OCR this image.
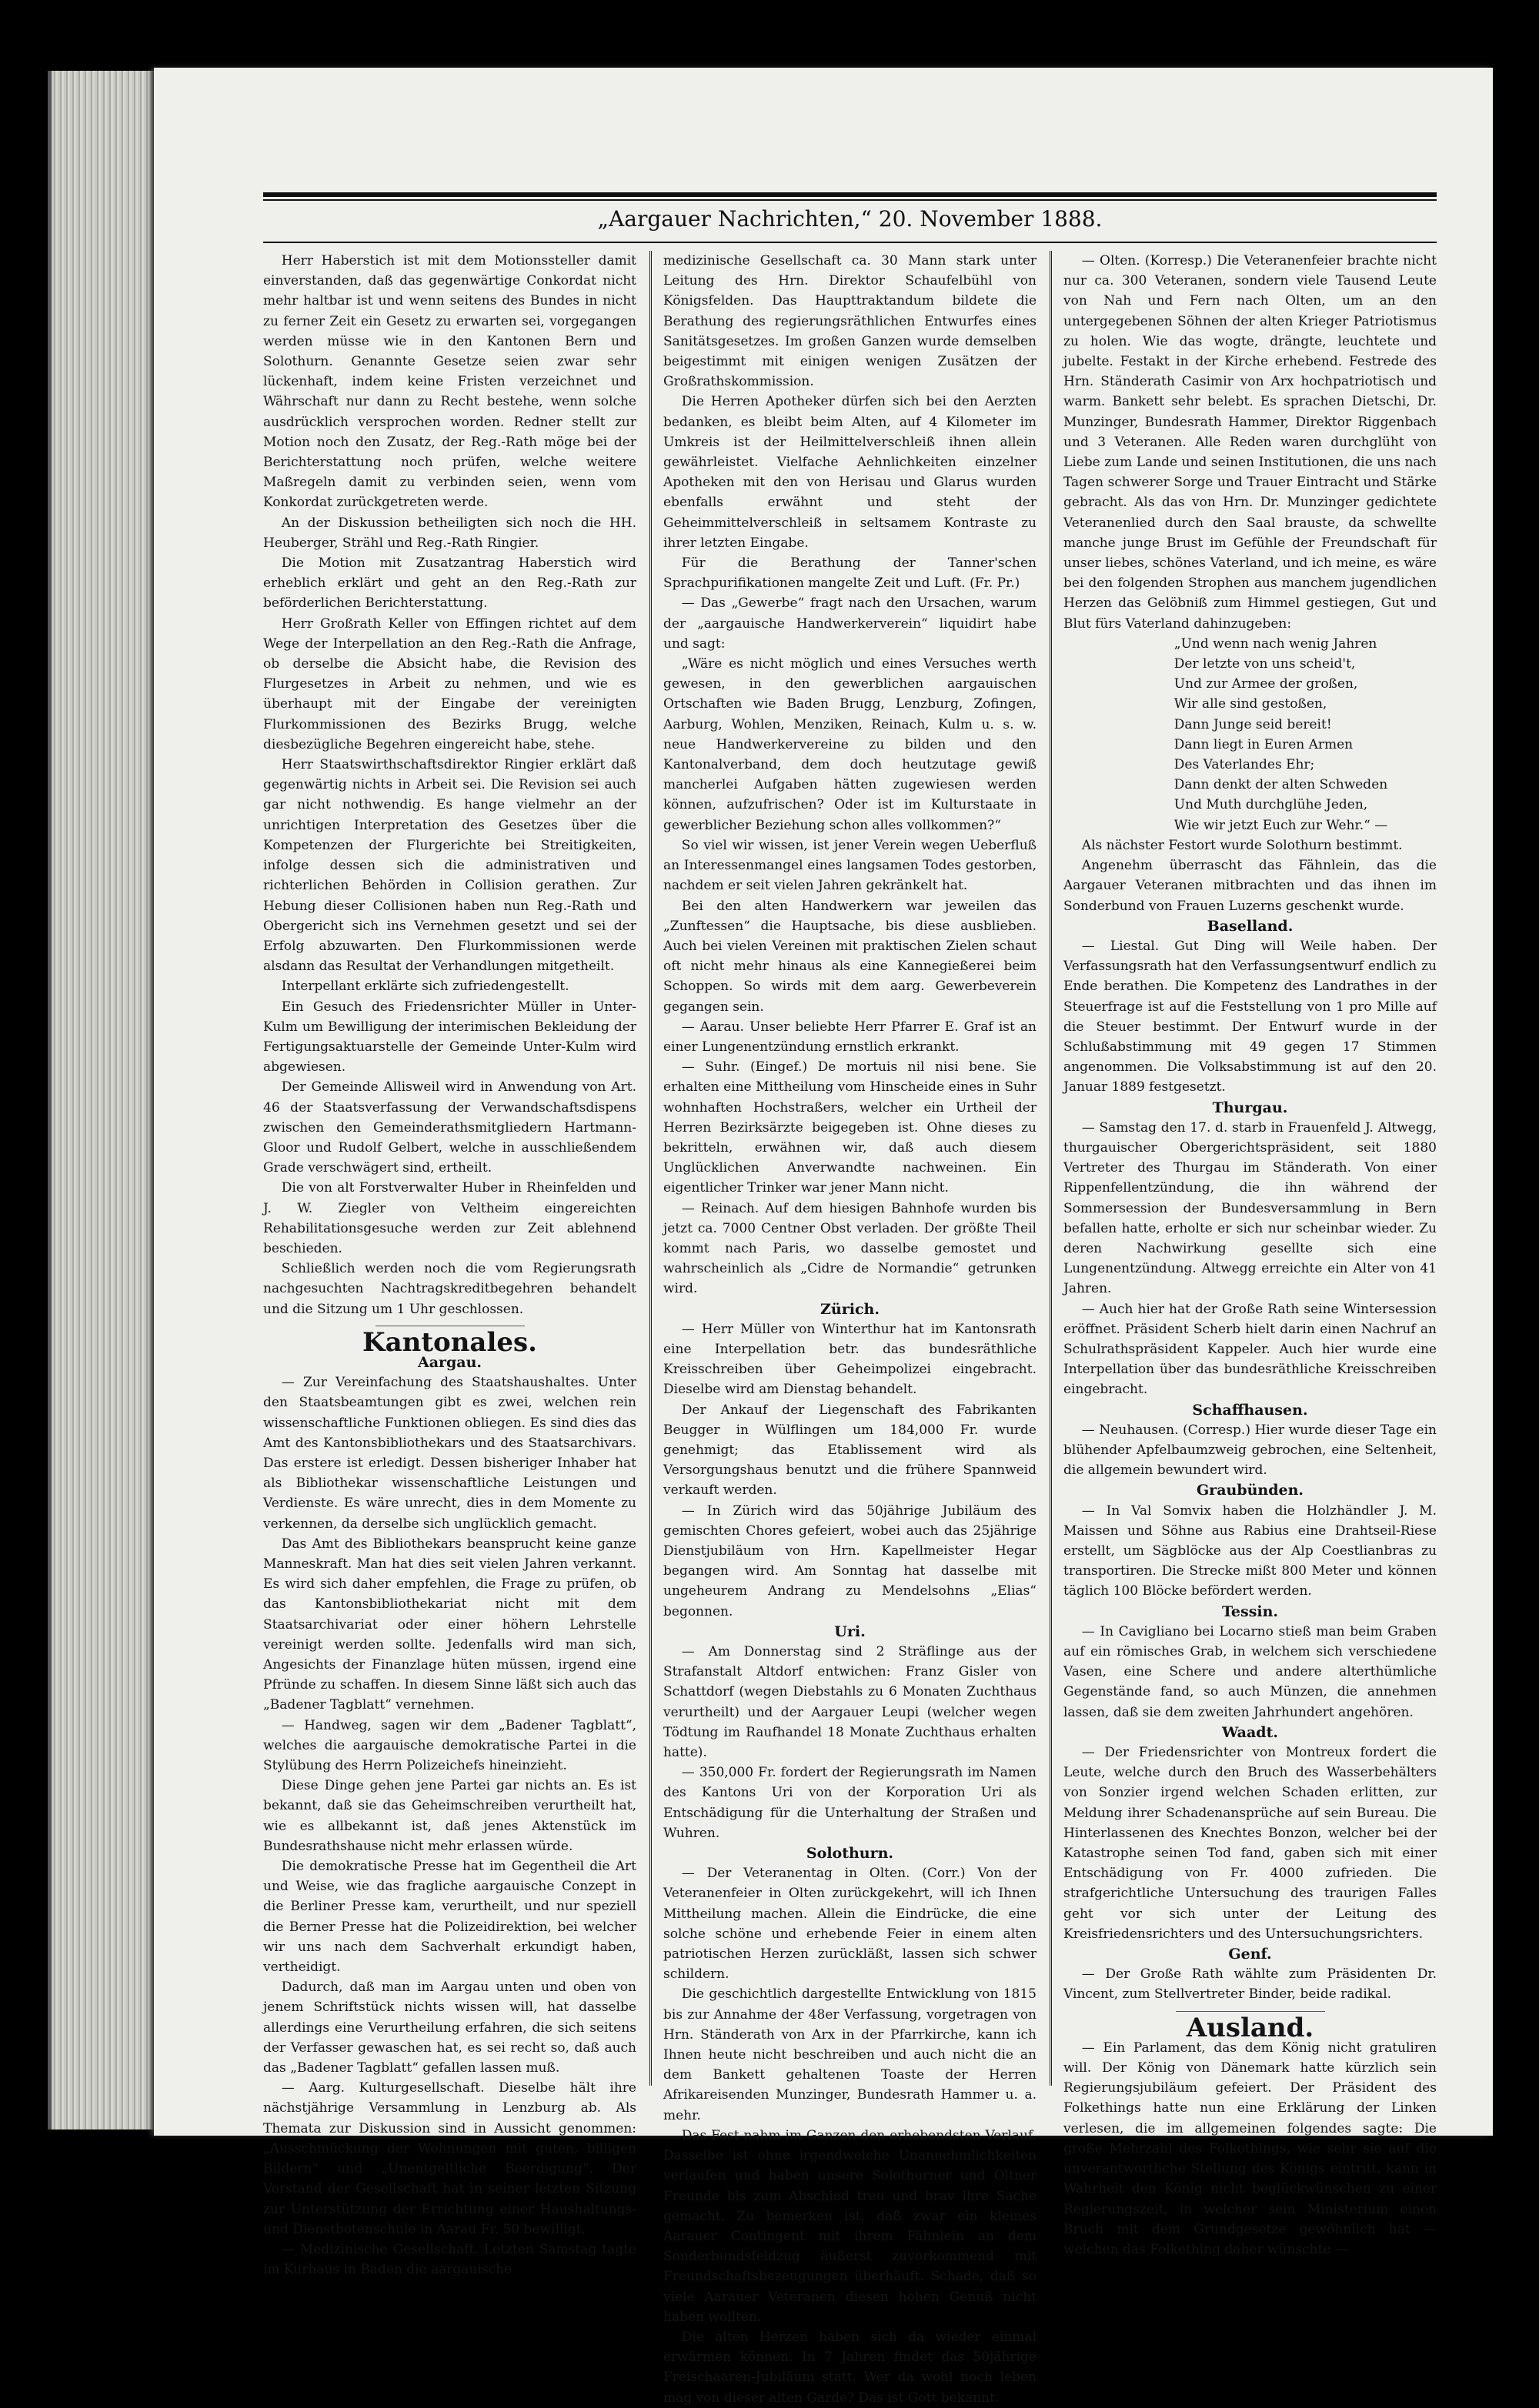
„Aargauer Nachrichten,“ 20. November 1888.

Herr Haberstich ist mit dem Motionssteller damit einverstanden, daß das gegenwärtige Conkordat nicht mehr haltbar ist und wenn seitens des Bundes in nicht zu ferner Zeit ein Gesetz zu erwarten sei, vorgegangen werden müsse wie in den Kantonen Bern und Solothurn. Genannte Gesetze seien zwar sehr lückenhaft, indem keine Fristen verzeichnet und Währschaft nur dann zu Recht bestehe, wenn solche ausdrücklich versprochen worden. Redner stellt zur Motion noch den Zusatz, der Reg.-Rath möge bei der Berichterstattung noch prüfen, welche weitere Maßregeln damit zu verbinden seien, wenn vom Konkordat zurückgetreten werde.

An der Diskussion betheiligten sich noch die HH. Heuberger, Strähl und Reg.-Rath Ringier.

Die Motion mit Zusatzantrag Haberstich wird erheblich erklärt und geht an den Reg.-Rath zur beförderlichen Berichterstattung.

Herr Großrath Keller von Effingen richtet auf dem Wege der Interpellation an den Reg.-Rath die Anfrage, ob derselbe die Absicht habe, die Revision des Flurgesetzes in Arbeit zu nehmen, und wie es überhaupt mit der Eingabe der vereinigten Flurkommissionen des Bezirks Brugg, welche diesbezügliche Begehren eingereicht habe, stehe.

Herr Staatswirthschaftsdirektor Ringier erklärt daß gegenwärtig nichts in Arbeit sei. Die Revision sei auch gar nicht nothwendig. Es hange vielmehr an der unrichtigen Interpretation des Gesetzes über die Kompetenzen der Flurgerichte bei Streitigkeiten, infolge dessen sich die administrativen und richterlichen Behörden in Collision gerathen. Zur Hebung dieser Collisionen haben nun Reg.-Rath und Obergericht sich ins Vernehmen gesetzt und sei der Erfolg abzuwarten. Den Flurkommissionen werde alsdann das Resultat der Verhandlungen mitgetheilt.

Interpellant erklärte sich zufriedengestellt.

Ein Gesuch des Friedensrichter Müller in Unter-Kulm um Bewilligung der interimischen Bekleidung der Fertigungsaktuarstelle der Gemeinde Unter-Kulm wird abgewiesen.

Der Gemeinde Allisweil wird in Anwendung von Art. 46 der Staatsverfassung der Verwandschaftsdispens zwischen den Gemeinderathsmitgliedern Hartmann-Gloor und Rudolf Gelbert, welche in ausschließendem Grade verschwägert sind, ertheilt.

Die von alt Forstverwalter Huber in Rheinfelden und J. W. Ziegler von Veltheim eingereichten Rehabilitationsgesuche werden zur Zeit ablehnend beschieden.

Schließlich werden noch die vom Regierungsrath nachgesuchten Nachtragskreditbegehren behandelt und die Sitzung um 1 Uhr geschlossen.

Kantonales.

Aargau.

— Zur Vereinfachung des Staatshaushaltes. Unter den Staatsbeamtungen gibt es zwei, welchen rein wissenschaftliche Funktionen obliegen. Es sind dies das Amt des Kantonsbibliothekars und des Staatsarchivars. Das erstere ist erledigt. Dessen bisheriger Inhaber hat als Bibliothekar wissenschaftliche Leistungen und Verdienste. Es wäre unrecht, dies in dem Momente zu verkennen, da derselbe sich unglücklich gemacht.

Das Amt des Bibliothekars beansprucht keine ganze Manneskraft. Man hat dies seit vielen Jahren verkannt. Es wird sich daher empfehlen, die Frage zu prüfen, ob das Kantonsbibliothekariat nicht mit dem Staatsarchivariat oder einer höhern Lehrstelle vereinigt werden sollte. Jedenfalls wird man sich, Angesichts der Finanzlage hüten müssen, irgend eine Pfründe zu schaffen. In diesem Sinne läßt sich auch das „Badener Tagblatt“ vernehmen.

— Handweg, sagen wir dem „Badener Tagblatt“, welches die aargauische demokratische Partei in die Stylübung des Herrn Polizeichefs hineinzieht.

Diese Dinge gehen jene Partei gar nichts an. Es ist bekannt, daß sie das Geheimschreiben verurtheilt hat, wie es allbekannt ist, daß jenes Aktenstück im Bundesrathshause nicht mehr erlassen würde.

Die demokratische Presse hat im Gegentheil die Art und Weise, wie das fragliche aargauische Conzept in die Berliner Presse kam, verurtheilt, und nur speziell die Berner Presse hat die Polizeidirektion, bei welcher wir uns nach dem Sachverhalt erkundigt haben, vertheidigt.

Dadurch, daß man im Aargau unten und oben von jenem Schriftstück nichts wissen will, hat dasselbe allerdings eine Verurtheilung erfahren, die sich seitens der Verfasser gewaschen hat, es sei recht so, daß auch das „Badener Tagblatt“ gefallen lassen muß.

— Aarg. Kulturgesellschaft. Dieselbe hält ihre nächstjährige Versammlung in Lenzburg ab. Als Themata zur Diskussion sind in Aussicht genommen: „Ausschmückung der Wohnungen mit guten, billigen Bildern“ und „Unentgeltliche Beerdigung“. Der Vorstand der Gesellschaft hat in seiner letzten Sitzung zur Unterstützung der Errichtung einer Haushaltungs- und Dienstbotenschule in Aarau Fr. 50 bewilligt.

— Medizinische Gesellschaft. Letzten Samstag tagte im Kurhaus in Baden die aargauische

medizinische Gesellschaft ca. 30 Mann stark unter Leitung des Hrn. Direktor Schaufelbühl von Königsfelden. Das Haupttraktandum bildete die Berathung des regierungsräthlichen Entwurfes eines Sanitätsgesetzes. Im großen Ganzen wurde demselben beigestimmt mit einigen wenigen Zusätzen der Großrathskommission.

Die Herren Apotheker dürfen sich bei den Aerzten bedanken, es bleibt beim Alten, auf 4 Kilometer im Umkreis ist der Heilmittelverschleiß ihnen allein gewährleistet. Vielfache Aehnlichkeiten einzelner Apotheken mit den von Herisau und Glarus wurden ebenfalls erwähnt und steht der Geheimmittelverschleiß in seltsamem Kontraste zu ihrer letzten Eingabe.

Für die Berathung der Tanner'schen Sprachpurifikationen mangelte Zeit und Luft. (Fr. Pr.)

— Das „Gewerbe“ fragt nach den Ursachen, warum der „aargauische Handwerkerverein“ liquidirt habe und sagt:

„Wäre es nicht möglich und eines Versuches werth gewesen, in den gewerblichen aargauischen Ortschaften wie Baden Brugg, Lenzburg, Zofingen, Aarburg, Wohlen, Menziken, Reinach, Kulm u. s. w. neue Handwerkervereine zu bilden und den Kantonalverband, dem doch heutzutage gewiß mancherlei Aufgaben hätten zugewiesen werden können, aufzufrischen? Oder ist im Kulturstaate in gewerblicher Beziehung schon alles vollkommen?“

So viel wir wissen, ist jener Verein wegen Ueberfluß an Interessenmangel eines langsamen Todes gestorben, nachdem er seit vielen Jahren gekränkelt hat.

Bei den alten Handwerkern war jeweilen das „Zunftessen“ die Hauptsache, bis diese ausblieben. Auch bei vielen Vereinen mit praktischen Zielen schaut oft nicht mehr hinaus als eine Kannegießerei beim Schoppen. So wirds mit dem aarg. Gewerbeverein gegangen sein.

— Aarau. Unser beliebte Herr Pfarrer E. Graf ist an einer Lungenentzündung ernstlich erkrankt.

— Suhr. (Eingef.) De mortuis nil nisi bene. Sie erhalten eine Mittheilung vom Hinscheide eines in Suhr wohnhaften Hochstraßers, welcher ein Urtheil der Herren Bezirksärzte beigegeben ist. Ohne dieses zu bekritteln, erwähnen wir, daß auch diesem Unglücklichen Anverwandte nachweinen. Ein eigentlicher Trinker war jener Mann nicht.

— Reinach. Auf dem hiesigen Bahnhofe wurden bis jetzt ca. 7000 Centner Obst verladen. Der größte Theil kommt nach Paris, wo dasselbe gemostet und wahrscheinlich als „Cidre de Normandie“ getrunken wird.

Zürich.

— Herr Müller von Winterthur hat im Kantonsrath eine Interpellation betr. das bundesräthliche Kreisschreiben über Geheimpolizei eingebracht. Dieselbe wird am Dienstag behandelt.

Der Ankauf der Liegenschaft des Fabrikanten Beugger in Wülflingen um 184,000 Fr. wurde genehmigt; das Etablissement wird als Versorgungshaus benutzt und die frühere Spannweid verkauft werden.

— In Zürich wird das 50jährige Jubiläum des gemischten Chores gefeiert, wobei auch das 25jährige Dienstjubiläum von Hrn. Kapellmeister Hegar begangen wird. Am Sonntag hat dasselbe mit ungeheurem Andrang zu Mendelsohns „Elias“ begonnen.

Uri.

— Am Donnerstag sind 2 Sträflinge aus der Strafanstalt Altdorf entwichen: Franz Gisler von Schattdorf (wegen Diebstahls zu 6 Monaten Zuchthaus verurtheilt) und der Aargauer Leupi (welcher wegen Tödtung im Raufhandel 18 Monate Zuchthaus erhalten hatte).

— 350,000 Fr. fordert der Regierungsrath im Namen des Kantons Uri von der Korporation Uri als Entschädigung für die Unterhaltung der Straßen und Wuhren.

Solothurn.

— Der Veteranentag in Olten. (Corr.) Von der Veteranenfeier in Olten zurückgekehrt, will ich Ihnen Mittheilung machen. Allein die Eindrücke, die eine solche schöne und erhebende Feier in einem alten patriotischen Herzen zurückläßt, lassen sich schwer schildern.

Die geschichtlich dargestellte Entwicklung von 1815 bis zur Annahme der 48er Verfassung, vorgetragen von Hrn. Ständerath von Arx in der Pfarrkirche, kann ich Ihnen heute nicht beschreiben und auch nicht die an dem Bankett gehaltenen Toaste der Herren Afrikareisenden Munzinger, Bundesrath Hammer u. a. mehr.

Das Fest nahm im Ganzen den erhebendsten Verlauf. Dasselbe ist ohne irgendwelche Unannehmlichkeiten verlaufen und haben unsere Solothurner und Oltner Freunde bis zum Abschied treu und brav ihre Sache gemacht. Zu bemerken ist, daß zwar ein kleines Aarauer Contingent mit ihrem Fähnlein an dem Sonderbundsfeldzug äußerst zuvorkommend mit Freundschaftsbezeugungen überhäuft. Schade, daß so viele Aarauer Veteranen diesen hohen Genuß nicht haben wollten.

Die alten Herzen haben sich da wieder einmal erwärmen können. In 7 Jahren findet das 50jährige Freischaaren-Jubiläum statt. Wer da wohl noch leben mag von dieser alten Garde? Das ist Gott bekannt.

— Olten. (Korresp.) Die Veteranenfeier brachte nicht nur ca. 300 Veteranen, sondern viele Tausend Leute von Nah und Fern nach Olten, um an den untergegebenen Söhnen der alten Krieger Patriotismus zu holen. Wie das wogte, drängte, leuchtete und jubelte. Festakt in der Kirche erhebend. Festrede des Hrn. Ständerath Casimir von Arx hochpatriotisch und warm. Bankett sehr belebt. Es sprachen Dietschi, Dr. Munzinger, Bundesrath Hammer, Direktor Riggenbach und 3 Veteranen. Alle Reden waren durchglüht von Liebe zum Lande und seinen Institutionen, die uns nach Tagen schwerer Sorge und Trauer Eintracht und Stärke gebracht. Als das von Hrn. Dr. Munzinger gedichtete Veteranenlied durch den Saal brauste, da schwellte manche junge Brust im Gefühle der Freundschaft für unser liebes, schönes Vaterland, und ich meine, es wäre bei den folgenden Strophen aus manchem jugendlichen Herzen das Gelöbniß zum Himmel gestiegen, Gut und Blut fürs Vaterland dahinzugeben:

„Und wenn nach wenig Jahren

Der letzte von uns scheid't,

Und zur Armee der großen,

Wir alle sind gestoßen,

Dann Junge seid bereit!

Dann liegt in Euren Armen

Des Vaterlandes Ehr;

Dann denkt der alten Schweden

Und Muth durchglühe Jeden,

Wie wir jetzt Euch zur Wehr.“ —

Als nächster Festort wurde Solothurn bestimmt.

Angenehm überrascht das Fähnlein, das die Aargauer Veteranen mitbrachten und das ihnen im Sonderbund von Frauen Luzerns geschenkt wurde.

Baselland.

— Liestal. Gut Ding will Weile haben. Der Verfassungsrath hat den Verfassungsentwurf endlich zu Ende berathen. Die Kompetenz des Landrathes in der Steuerfrage ist auf die Feststellung von 1 pro Mille auf die Steuer bestimmt. Der Entwurf wurde in der Schlußabstimmung mit 49 gegen 17 Stimmen angenommen. Die Volksabstimmung ist auf den 20. Januar 1889 festgesetzt.

Thurgau.

— Samstag den 17. d. starb in Frauenfeld J. Altwegg, thurgauischer Obergerichtspräsident, seit 1880 Vertreter des Thurgau im Ständerath. Von einer Rippenfellentzündung, die ihn während der Sommersession der Bundesversammlung in Bern befallen hatte, erholte er sich nur scheinbar wieder. Zu deren Nachwirkung gesellte sich eine Lungenentzündung. Altwegg erreichte ein Alter von 41 Jahren.

— Auch hier hat der Große Rath seine Wintersession eröffnet. Präsident Scherb hielt darin einen Nachruf an Schulrathspräsident Kappeler. Auch hier wurde eine Interpellation über das bundesräthliche Kreisschreiben eingebracht.

Schaffhausen.

— Neuhausen. (Corresp.) Hier wurde dieser Tage ein blühender Apfelbaumzweig gebrochen, eine Seltenheit, die allgemein bewundert wird.

Graubünden.

— In Val Somvix haben die Holzhändler J. M. Maissen und Söhne aus Rabius eine Drahtseil-Riese erstellt, um Sägblöcke aus der Alp Coestlianbras zu transportiren. Die Strecke mißt 800 Meter und können täglich 100 Blöcke befördert werden.

Tessin.

— In Cavigliano bei Locarno stieß man beim Graben auf ein römisches Grab, in welchem sich verschiedene Vasen, eine Schere und andere alterthümliche Gegenstände fand, so auch Münzen, die annehmen lassen, daß sie dem zweiten Jahrhundert angehören.

Waadt.

— Der Friedensrichter von Montreux fordert die Leute, welche durch den Bruch des Wasserbehälters von Sonzier irgend welchen Schaden erlitten, zur Meldung ihrer Schadenansprüche auf sein Bureau. Die Hinterlassenen des Knechtes Bonzon, welcher bei der Katastrophe seinen Tod fand, gaben sich mit einer Entschädigung von Fr. 4000 zufrieden. Die strafgerichtliche Untersuchung des traurigen Falles geht vor sich unter der Leitung des Kreisfriedensrichters und des Untersuchungsrichters.

Genf.

— Der Große Rath wählte zum Präsidenten Dr. Vincent, zum Stellvertreter Binder, beide radikal.

Ausland.

— Ein Parlament, das dem König nicht gratuliren will. Der König von Dänemark hatte kürzlich sein Regierungsjubiläum gefeiert. Der Präsident des Folkethings hatte nun eine Erklärung der Linken verlesen, die im allgemeinen folgendes sagte: Die große Mehrzahl des Folkethings, wie sehr sie auf die unverantwortliche Stellung des Königs eintritt, kann in Wahrheit den König nicht beglückwünschen zu einer Regierungszeit, in welcher sein Ministerium einen Bruch mit dem Grundgesetze gewöhnlich hat — welchen das Folkething daher wünschte —
